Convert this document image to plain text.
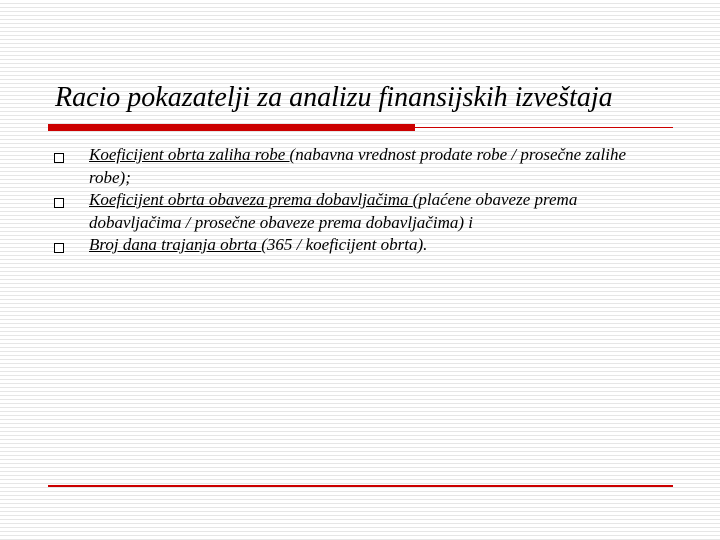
Racio pokazatelji za analizu finansijskih izveštaja
Koeficijent obrta zaliha robe (nabavna vrednost prodate robe / prosečne zalihe robe);
Koeficijent obrta obaveza prema dobavljačima (plaćene obaveze prema dobavljačima / prosečne obaveze prema dobavljačima) i
Broj dana trajanja obrta (365 / koeficijent obrta).
